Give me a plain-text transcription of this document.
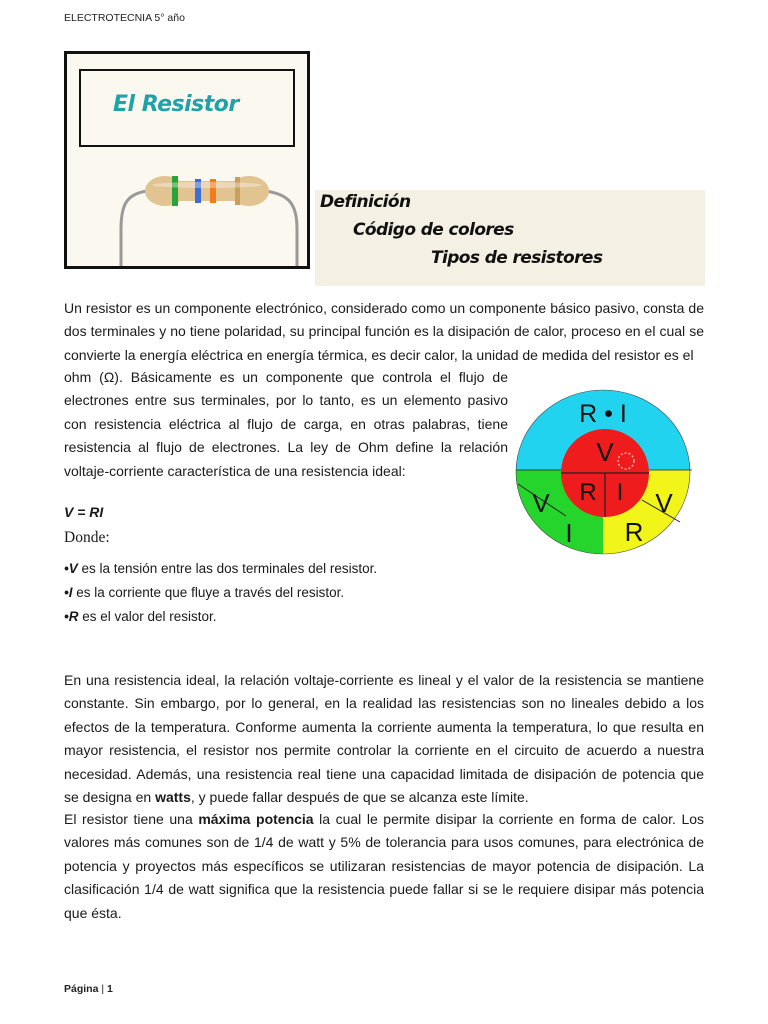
ELECTROTECNIA 5° año
El Resistor
Definición
Código de colores
Tipos de resistores

Un resistor es un componente electrónico, considerado como un componente básico pasivo, consta de dos terminales y no tiene polaridad, su principal función es la disipación de calor, proceso en el cual se convierte la energía eléctrica en energía térmica, es decir calor, la unidad de medida del resistor es el

ohm (Ω). Básicamente es un componente que controla el flujo de electrones entre sus terminales, por lo tanto, es un elemento pasivo con resistencia eléctrica al flujo de carga, en otras palabras, tiene resistencia al flujo de electrones. La ley de Ohm define la relación voltaje-corriente característica de una resistencia ideal:

R • I
V
R I
V
I
V
R
V = RI
Donde:
•V es la tensión entre las dos terminales del resistor.
•I es la corriente que fluye a través del resistor.
•R es el valor del resistor.

En una resistencia ideal, la relación voltaje-corriente es lineal y el valor de la resistencia se mantiene constante. Sin embargo, por lo general, en la realidad las resistencias son no lineales debido a los efectos de la temperatura. Conforme aumenta la corriente aumenta la temperatura, lo que resulta en mayor resistencia, el resistor nos permite controlar la corriente en el circuito de acuerdo a nuestra necesidad. Además, una resistencia real tiene una capacidad limitada de disipación de potencia que se designa en watts, y puede fallar después de que se alcanza este límite.

El resistor tiene una máxima potencia la cual le permite disipar la corriente en forma de calor. Los valores más comunes son de 1/4 de watt y 5% de tolerancia para usos comunes, para electrónica de potencia y proyectos más específicos se utilizaran resistencias de mayor potencia de disipación. La clasificación 1/4 de watt significa que la resistencia puede fallar si se le requiere disipar más potencia que ésta.

Página | 1
